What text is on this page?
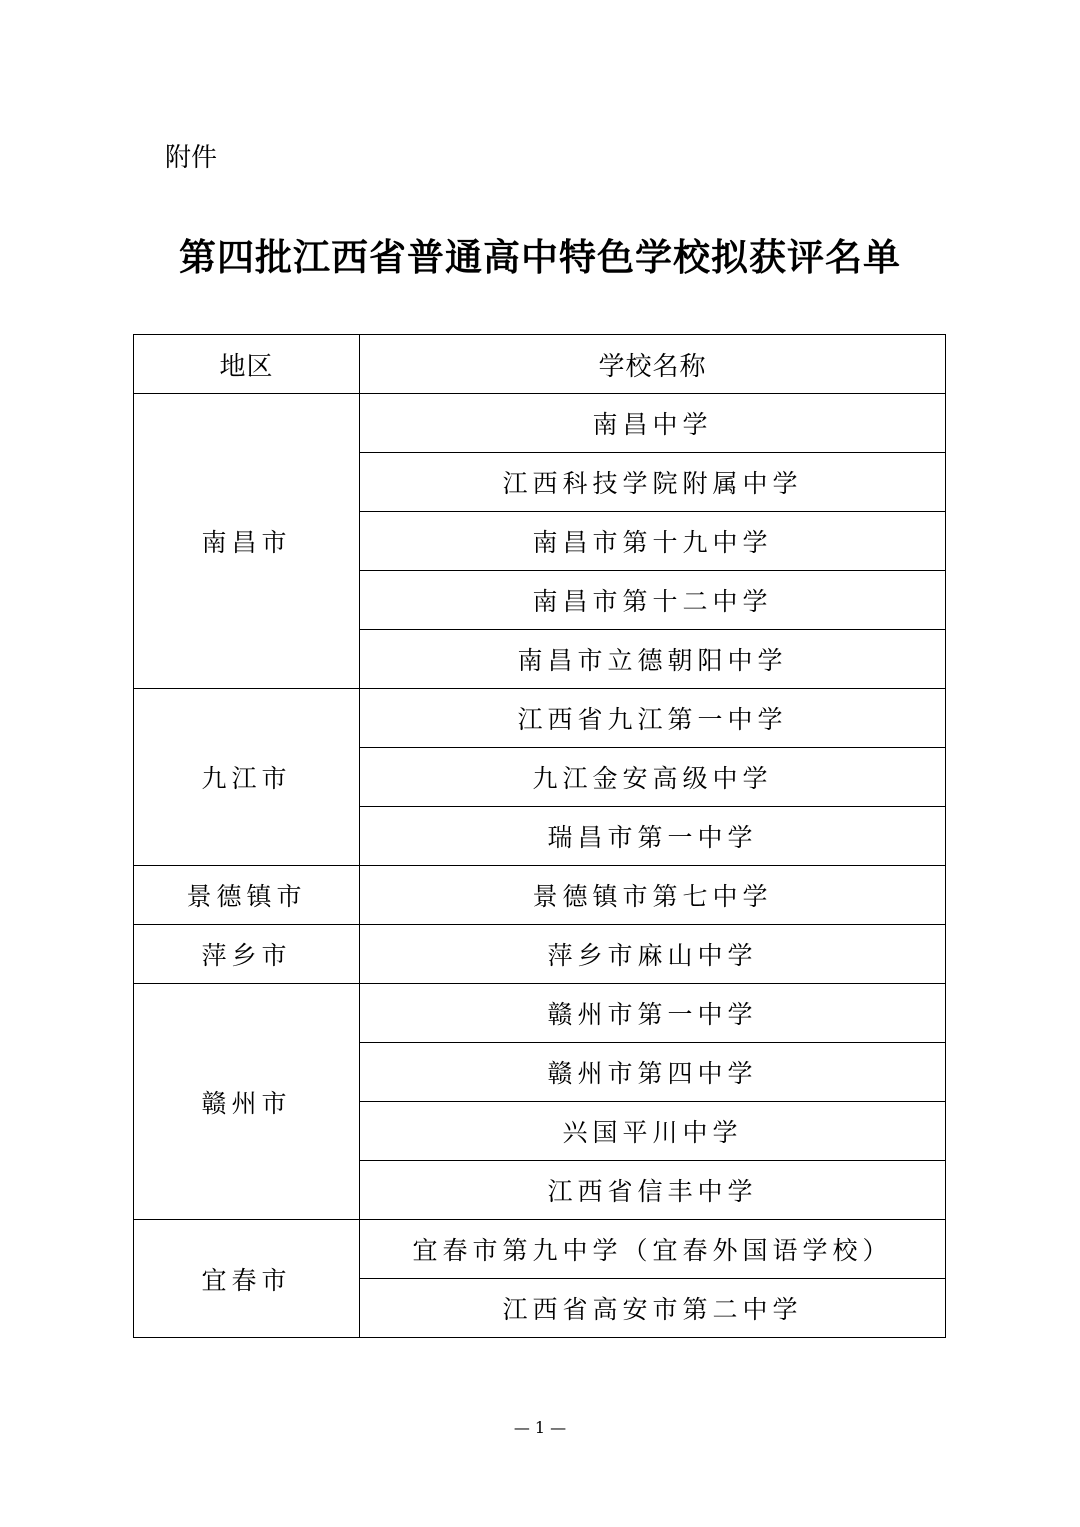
附件
第四批江西省普通高中特色学校拟获评名单
地区	学校名称
南昌市	南昌中学
	江西科技学院附属中学
	南昌市第十九中学
	南昌市第十二中学
	南昌市立德朝阳中学
九江市	江西省九江第一中学
	九江金安高级中学
	瑞昌市第一中学
景德镇市	景德镇市第七中学
萍乡市	萍乡市麻山中学
赣州市	赣州市第一中学
	赣州市第四中学
	兴国平川中学
	江西省信丰中学
宜春市	宜春市第九中学（宜春外国语学校）
	江西省高安市第二中学
— 1 —
